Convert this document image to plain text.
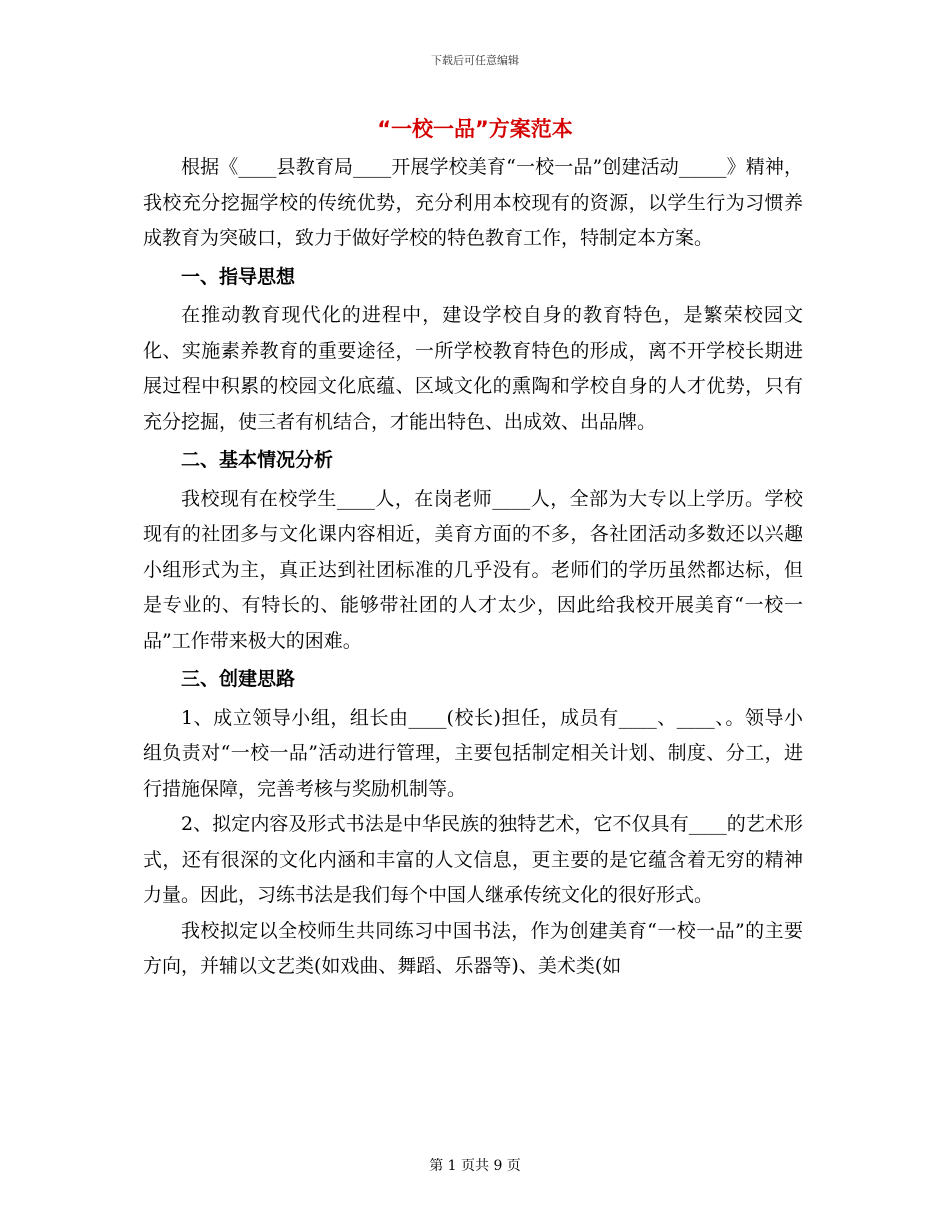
下载后可任意编辑
“一校一品”方案范本

根据《____县教育局____开展学校美育“一校一品”创建活动_____》精神，我校充分挖掘学校的传统优势，充分利用本校现有的资源，以学生行为习惯养成教育为突破口，致力于做好学校的特色教育工作，特制定本方案。

一、指导思想

在推动教育现代化的进程中，建设学校自身的教育特色，是繁荣校园文化、实施素养教育的重要途径，一所学校教育特色的形成，离不开学校长期进展过程中积累的校园文化底蕴、区域文化的熏陶和学校自身的人才优势，只有充分挖掘，使三者有机结合，才能出特色、出成效、出品牌。

二、基本情况分析

我校现有在校学生____人，在岗老师____人，全部为大专以上学历。学校现有的社团多与文化课内容相近，美育方面的不多，各社团活动多数还以兴趣小组形式为主，真正达到社团标准的几乎没有。老师们的学历虽然都达标，但是专业的、有特长的、能够带社团的人才太少，因此给我校开展美育“一校一品”工作带来极大的困难。

三、创建思路

1、成立领导小组，组长由____(校长)担任，成员有____、____、。领导小组负责对“一校一品”活动进行管理，主要包括制定相关计划、制度、分工，进行措施保障，完善考核与奖励机制等。

2、拟定内容及形式书法是中华民族的独特艺术，它不仅具有____的艺术形式，还有很深的文化内涵和丰富的人文信息，更主要的是它蕴含着无穷的精神力量。因此，习练书法是我们每个中国人继承传统文化的很好形式。

我校拟定以全校师生共同练习中国书法，作为创建美育“一校一品”的主要方向，并辅以文艺类(如戏曲、舞蹈、乐器等)、美术类(如

第 1 页共 9 页
